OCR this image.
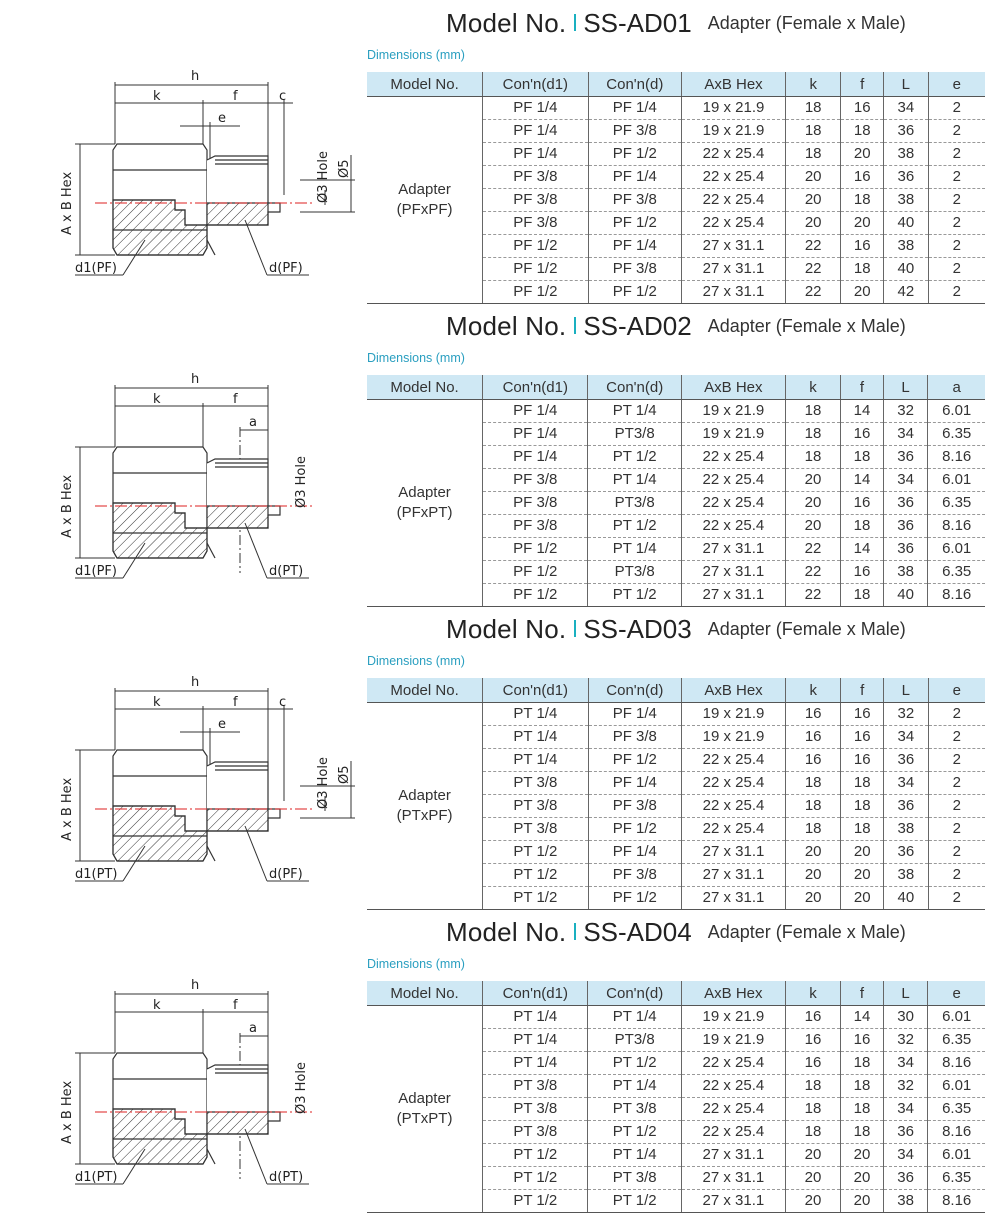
Model No. SS-AD01 Adapter (Female x Male)
Dimensions (mm)
h
k	f	c
e
Ø5
Ø3 Hole
A x B Hex
d1(PF)	d(PF)
Model No.	Con'n(d1)	Con'n(d)	AxB Hex	k	f	L	e

Adapter
(PFxPF)	PF 1/4	PF 1/4	19 x 21.9	18	16	34	2
	PF 1/4	PF 3/8	19 x 21.9	18	18	36	2
	PF 1/4	PF 1/2	22 x 25.4	18	20	38	2
	PF 3/8	PF 1/4	22 x 25.4	20	16	36	2
	PF 3/8	PF 3/8	22 x 25.4	20	18	38	2
	PF 3/8	PF 1/2	22 x 25.4	20	20	40	2
	PF 1/2	PF 1/4	27 x 31.1	22	16	38	2
	PF 1/2	PF 3/8	27 x 31.1	22	18	40	2
	PF 1/2	PF 1/2	27 x 31.1	22	20	42	2
Model No. SS-AD02 Adapter (Female x Male)
Dimensions (mm)
h
k	f
a
Ø3 Hole
A x B Hex
d1(PF)	d(PT)
Model No.	Con'n(d1)	Con'n(d)	AxB Hex	k	f	L	a

Adapter
(PFxPT)	PF 1/4	PT 1/4	19 x 21.9	18	14	32	6.01
	PF 1/4	PT3/8	19 x 21.9	18	16	34	6.35
	PF 1/4	PT 1/2	22 x 25.4	18	18	36	8.16
	PF 3/8	PT 1/4	22 x 25.4	20	14	34	6.01
	PF 3/8	PT3/8	22 x 25.4	20	16	36	6.35
	PF 3/8	PT 1/2	22 x 25.4	20	18	36	8.16
	PF 1/2	PT 1/4	27 x 31.1	22	14	36	6.01
	PF 1/2	PT3/8	27 x 31.1	22	16	38	6.35
	PF 1/2	PT 1/2	27 x 31.1	22	18	40	8.16
Model No. SS-AD03 Adapter (Female x Male)
Dimensions (mm)
h
k	f	c
e
Ø5
Ø3 Hole
A x B Hex
d1(PT)	d(PF)
Model No.	Con'n(d1)	Con'n(d)	AxB Hex	k	f	L	e

Adapter
(PTxPF)	PT 1/4	PF 1/4	19 x 21.9	16	16	32	2
	PT 1/4	PF 3/8	19 x 21.9	16	16	34	2
	PT 1/4	PF 1/2	22 x 25.4	16	16	36	2
	PT 3/8	PF 1/4	22 x 25.4	18	18	34	2
	PT 3/8	PF 3/8	22 x 25.4	18	18	36	2
	PT 3/8	PF 1/2	22 x 25.4	18	18	38	2
	PT 1/2	PF 1/4	27 x 31.1	20	20	36	2
	PT 1/2	PF 3/8	27 x 31.1	20	20	38	2
	PT 1/2	PF 1/2	27 x 31.1	20	20	40	2
Model No. SS-AD04 Adapter (Female x Male)
Dimensions (mm)
h
k	f
a
Ø3 Hole
A x B Hex
d1(PT)	d(PT)
Model No.	Con'n(d1)	Con'n(d)	AxB Hex	k	f	L	e

Adapter
(PTxPT)	PT 1/4	PT 1/4	19 x 21.9	16	14	30	6.01
	PT 1/4	PT3/8	19 x 21.9	16	16	32	6.35
	PT 1/4	PT 1/2	22 x 25.4	16	18	34	8.16
	PT 3/8	PT 1/4	22 x 25.4	18	18	32	6.01
	PT 3/8	PT 3/8	22 x 25.4	18	18	34	6.35
	PT 3/8	PT 1/2	22 x 25.4	18	18	36	8.16
	PT 1/2	PT 1/4	27 x 31.1	20	20	34	6.01
	PT 1/2	PT 3/8	27 x 31.1	20	20	36	6.35
	PT 1/2	PT 1/2	27 x 31.1	20	20	38	8.16
